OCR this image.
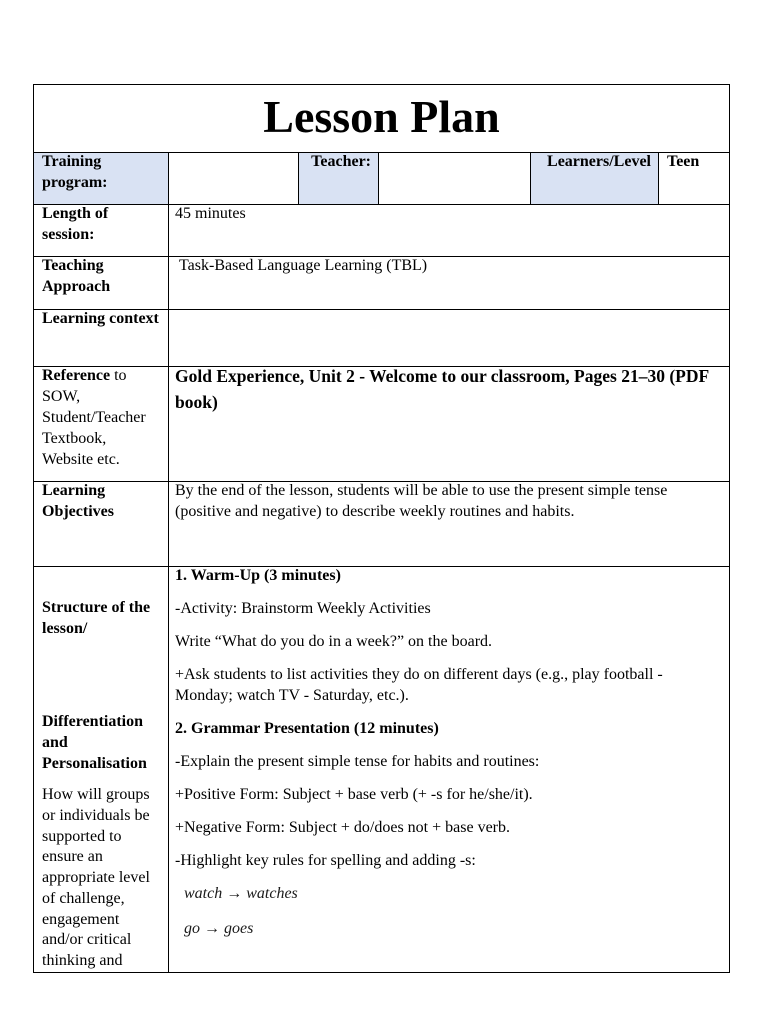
Lesson Plan
Training program:
Teacher:	Learners/Level Teen
Length of session:
45 minutes
Teaching Approach
Task-Based Language Learning (TBL)
Learning context
Reference to SOW, Student/Teacher Textbook, Website etc.
Gold Experience, Unit 2 - Welcome to our classroom, Pages 21–30 (PDF book)
Learning Objectives
By the end of the lesson, students will be able to use the present simple tense (positive and negative) to describe weekly routines and habits.
Structure of the lesson/
Differentiation and Personalisation
How will groups or individuals be supported to ensure an appropriate level of challenge, engagement and/or critical thinking and

1. Warm-Up (3 minutes)

-Activity: Brainstorm Weekly Activities

Write “What do you do in a week?” on the board.

+Ask students to list activities they do on different days (e.g., play football - Monday; watch TV - Saturday, etc.).

2. Grammar Presentation (12 minutes)

-Explain the present simple tense for habits and routines:

+Positive Form: Subject + base verb (+ -s for he/she/it).

+Negative Form: Subject + do/does not + base verb.

-Highlight key rules for spelling and adding -s:

watch → watches

go → goes
